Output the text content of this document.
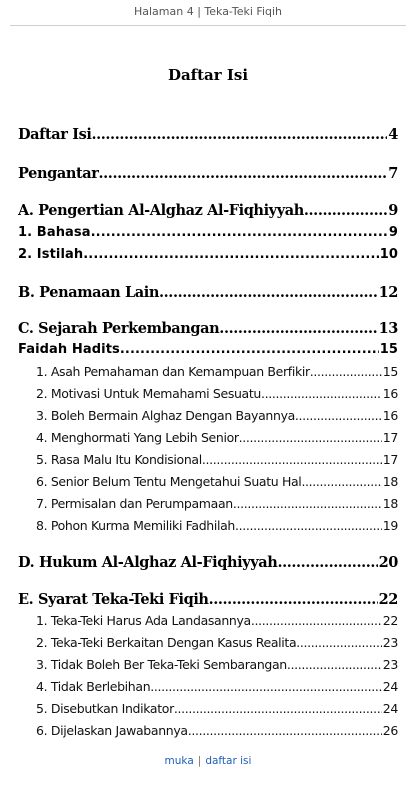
Halaman 4 | Teka-Teki Fiqih
Daftar Isi
Daftar Isi .....	4
Pengantar .....	7
A. Pengertian Al-Alghaz Al-Fiqhiyyah .....	9
1. Bahasa .....	9
2. Istilah .....	10
B. Penamaan Lain .....	12
C. Sejarah Perkembangan .....	13
Faidah Hadits .....	15
1. Asah Pemahaman dan Kemampuan Berfikir .....	15
2. Motivasi Untuk Memahami Sesuatu .....	16
3. Boleh Bermain Alghaz Dengan Bayannya .....	16
4. Menghormati Yang Lebih Senior .....	17
5. Rasa Malu Itu Kondisional .....	17
6. Senior Belum Tentu Mengetahui Suatu Hal .....	18
7. Permisalan dan Perumpamaan .....	18
8. Pohon Kurma Memiliki Fadhilah .....	19
D. Hukum Al-Alghaz Al-Fiqhiyyah .....	20
E. Syarat Teka-Teki Fiqih .....	22
1. Teka-Teki Harus Ada Landasannya .....	22
2. Teka-Teki Berkaitan Dengan Kasus Realita .....	23
3. Tidak Boleh Ber Teka-Teki Sembarangan .....	23
4. Tidak Berlebihan .....	24
5. Disebutkan Indikator .....	24
6. Dijelaskan Jawabannya .....	26
muka | daftar isi
